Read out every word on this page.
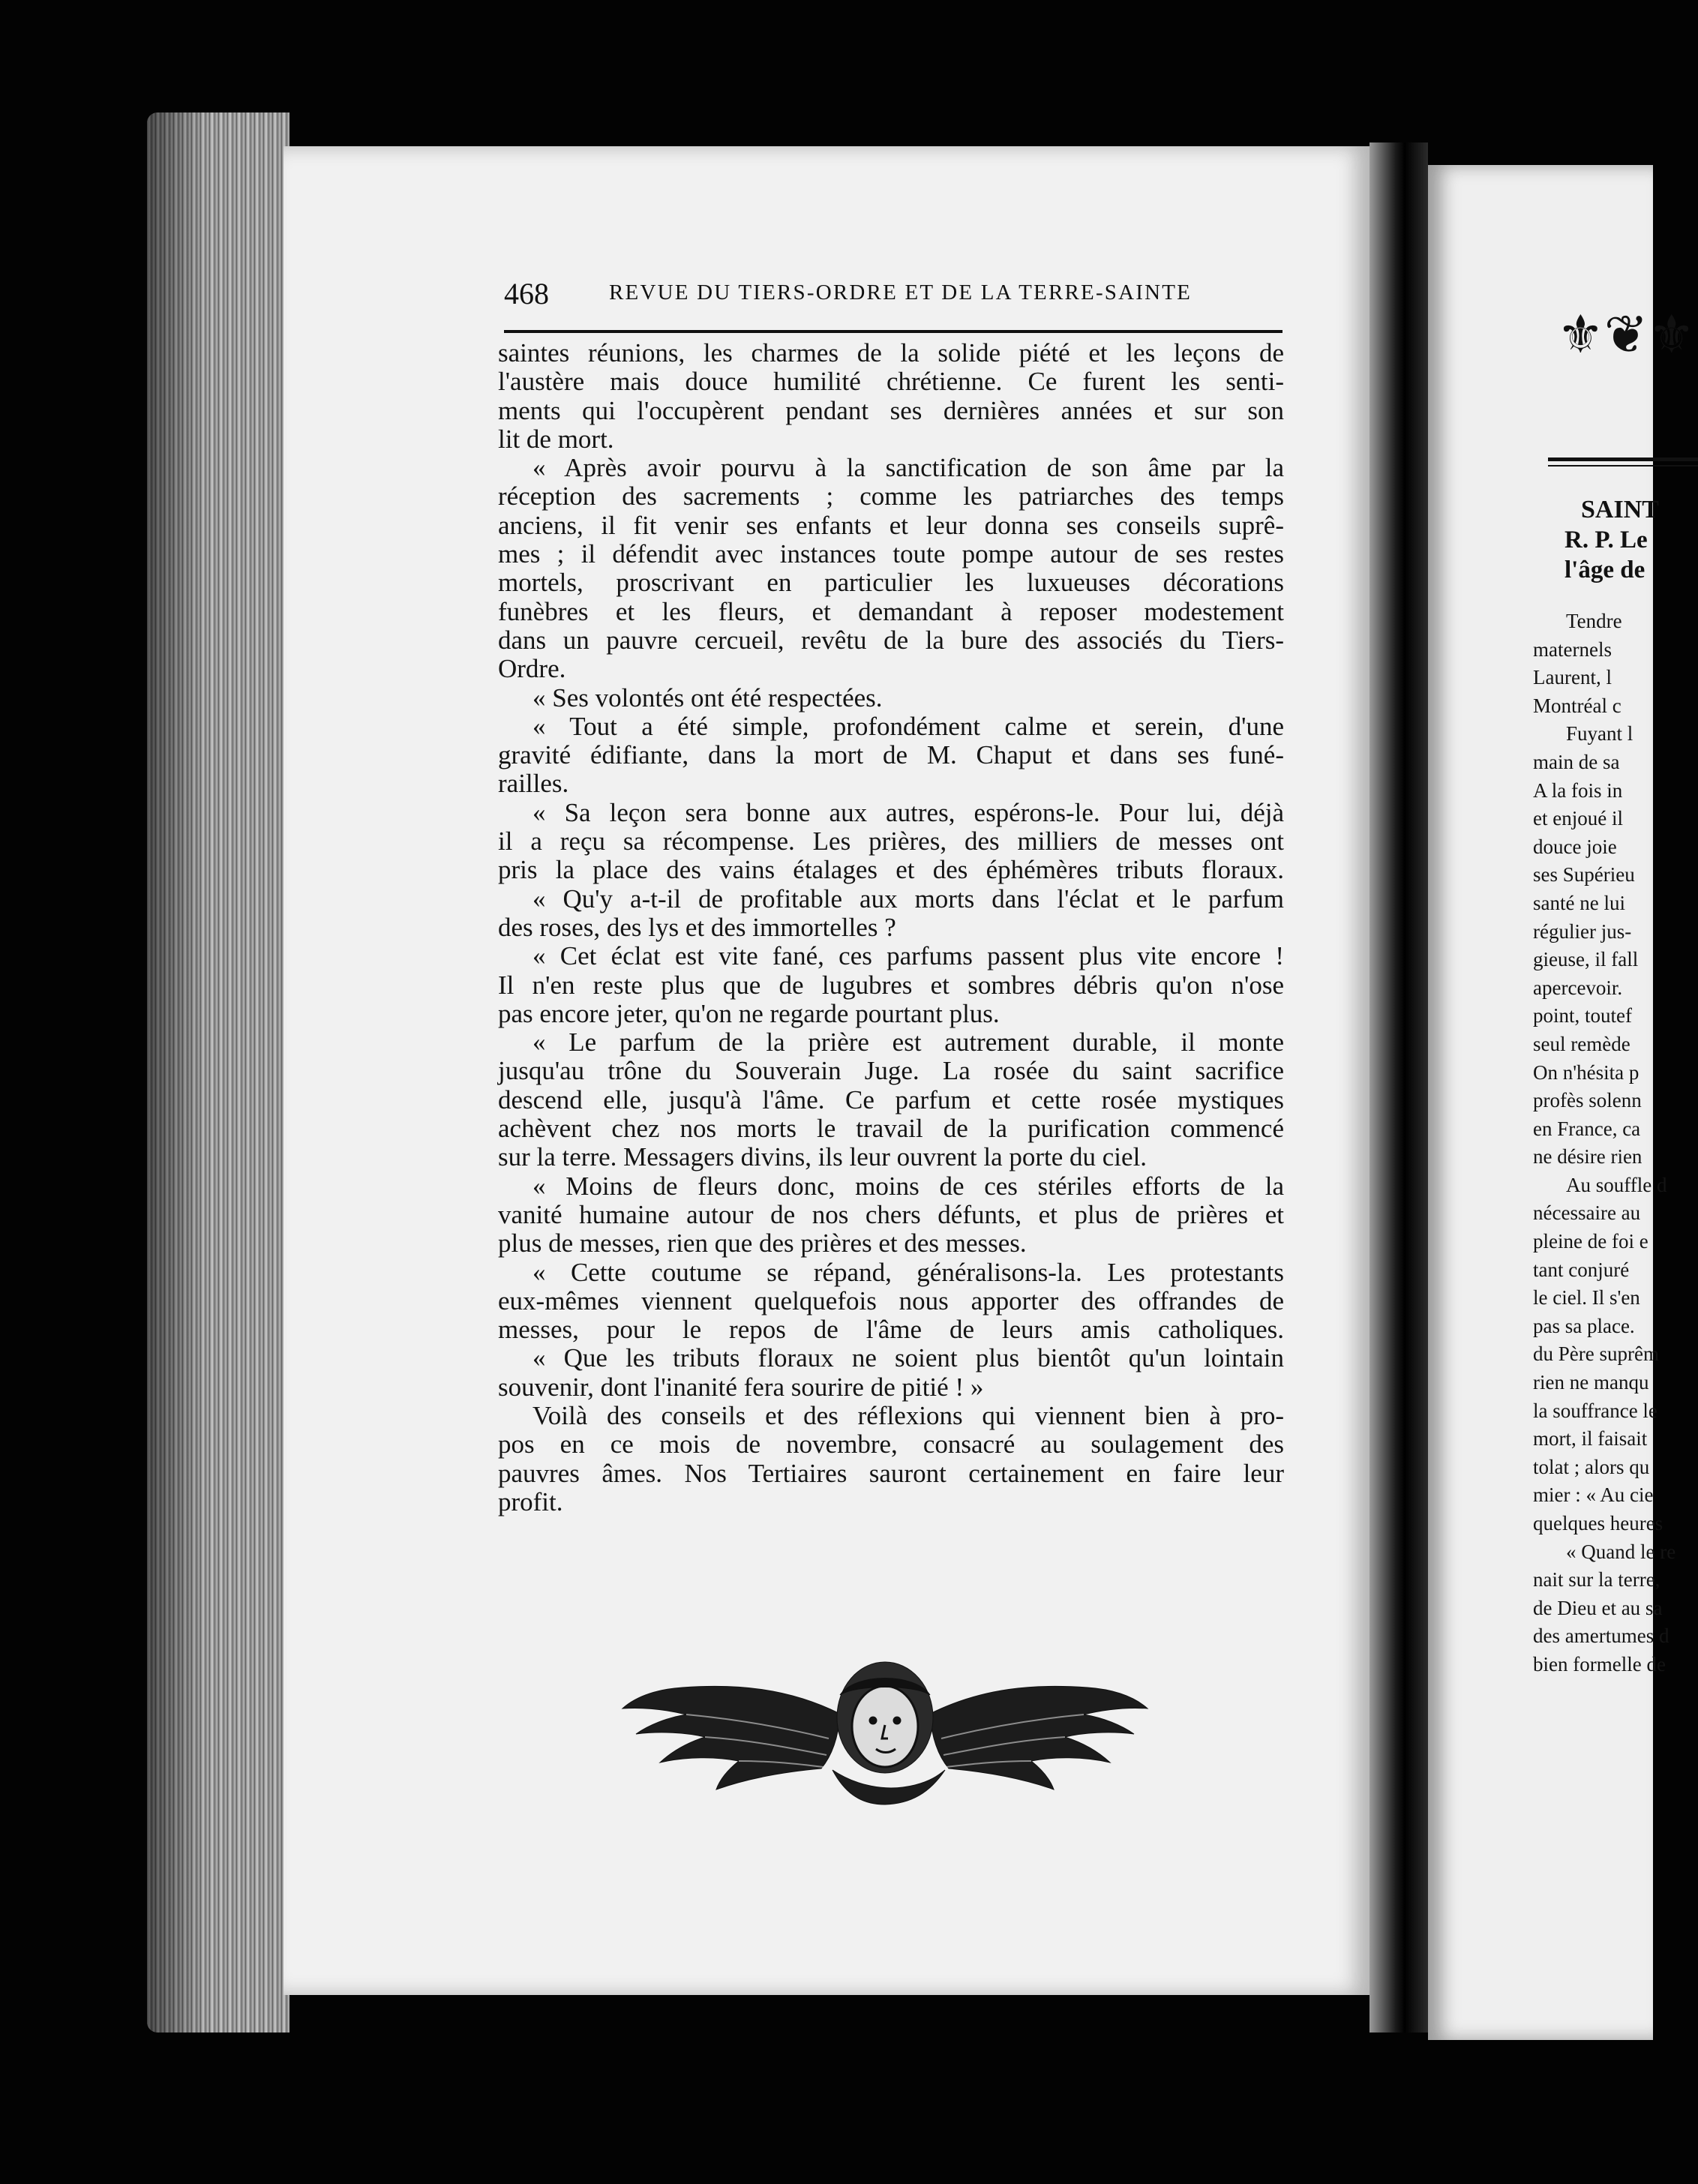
468	REVUE DU TIERS-ORDRE ET DE LA TERRE-SAINTE
saintes réunions, les charmes de la solide piété et les leçons de
l'austère mais douce humilité chrétienne. Ce furent les senti-
ments qui l'occupèrent pendant ses dernières années et sur son
lit de mort.
« Après avoir pourvu à la sanctification de son âme par la
réception des sacrements ; comme les patriarches des temps
anciens, il fit venir ses enfants et leur donna ses conseils suprê-
mes ; il défendit avec instances toute pompe autour de ses restes
mortels, proscrivant en particulier les luxueuses décorations
funèbres et les fleurs, et demandant à reposer modestement
dans un pauvre cercueil, revêtu de la bure des associés du Tiers-
Ordre.
« Ses volontés ont été respectées.
« Tout a été simple, profondément calme et serein, d'une
gravité édifiante, dans la mort de M. Chaput et dans ses funé-
railles.
« Sa leçon sera bonne aux autres, espérons-le. Pour lui, déjà
il a reçu sa récompense. Les prières, des milliers de messes ont
pris la place des vains étalages et des éphémères tributs floraux.
« Qu'y a-t-il de profitable aux morts dans l'éclat et le parfum
des roses, des lys et des immortelles ?
« Cet éclat est vite fané, ces parfums passent plus vite encore !
Il n'en reste plus que de lugubres et sombres débris qu'on n'ose
pas encore jeter, qu'on ne regarde pourtant plus.
« Le parfum de la prière est autrement durable, il monte
jusqu'au trône du Souverain Juge. La rosée du saint sacrifice
descend elle, jusqu'à l'âme. Ce parfum et cette rosée mystiques
achèvent chez nos morts le travail de la purification commencé
sur la terre. Messagers divins, ils leur ouvrent la porte du ciel.
« Moins de fleurs donc, moins de ces stériles efforts de la
vanité humaine autour de nos chers défunts, et plus de prières et
plus de messes, rien que des prières et des messes.
« Cette coutume se répand, généralisons-la. Les protestants
eux-mêmes viennent quelquefois nous apporter des offrandes de
messes, pour le repos de l'âme de leurs amis catholiques.
« Que les tributs floraux ne soient plus bientôt qu'un lointain
souvenir, dont l'inanité fera sourire de pitié ! »
Voilà des conseils et des réflexions qui viennent bien à pro-
pos en ce mois de novembre, consacré au soulagement des
pauvres âmes. Nos Tertiaires sauront certainement en faire leur
profit.
⚜❦⚜
SAINT
R. P. Le
l'âge de
Tendre
maternels
Laurent, l
Montréal c
Fuyant l
main de sa
A la fois in
et enjoué il
douce joie
ses Supérieu
santé ne lui
régulier jus-
gieuse, il fall
apercevoir.
point, toutef
seul remède
On n'hésita p
profès solenn
en France, ca
ne désire rien
Au souffle d
nécessaire au
pleine de foi e
tant conjuré
le ciel. Il s'en
pas sa place.
du Père suprêm
rien ne manqu
la souffrance le
mort, il faisait
tolat ; alors qu
mier : « Au cie
quelques heures
« Quand le re
nait sur la terre,
de Dieu et au sa
des amertumes d
bien formelle de
